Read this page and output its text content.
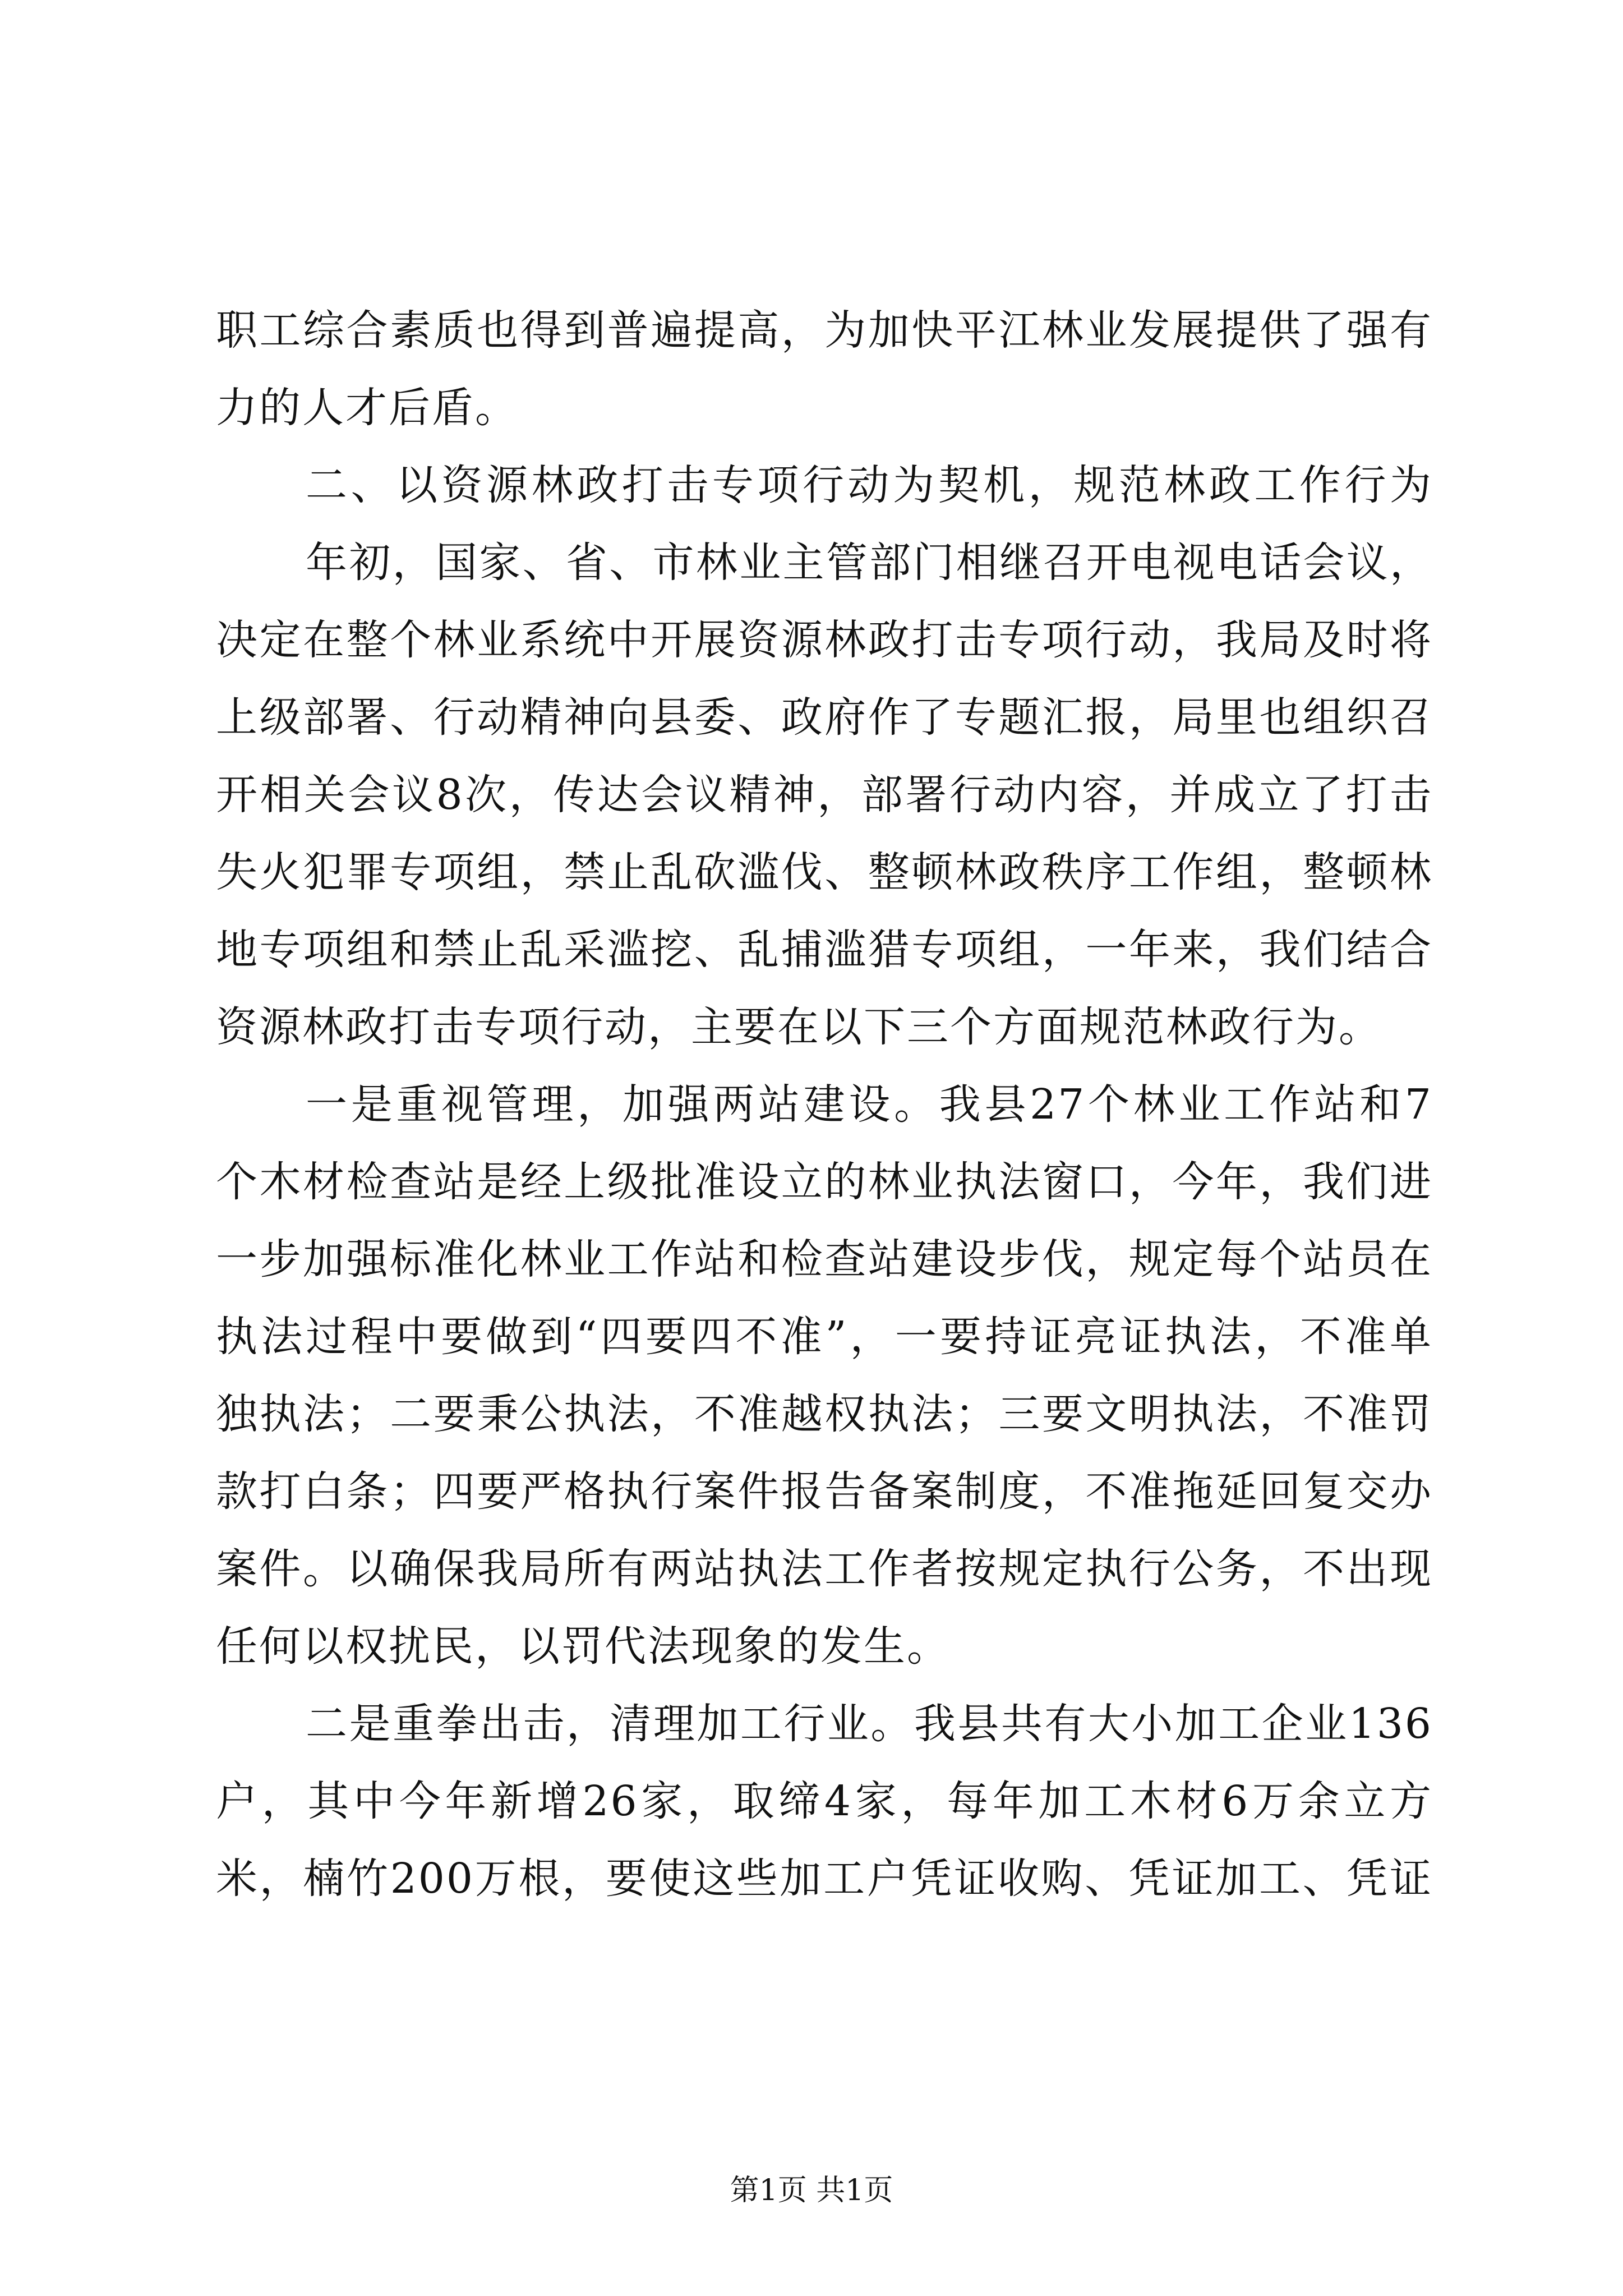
职工综合素质也得到普遍提高，为加快平江林业发展提供了强有
力的人才后盾。
二、以资源林政打击专项行动为契机，规范林政工作行为
年初，国家、省、市林业主管部门相继召开电视电话会议，
决定在整个林业系统中开展资源林政打击专项行动，我局及时将
上级部署、行动精神向县委、政府作了专题汇报，局里也组织召
开相关会议8次，传达会议精神，部署行动内容，并成立了打击
失火犯罪专项组，禁止乱砍滥伐、整顿林政秩序工作组，整顿林
地专项组和禁止乱采滥挖、乱捕滥猎专项组，一年来，我们结合
资源林政打击专项行动，主要在以下三个方面规范林政行为。
一是重视管理，加强两站建设。我县27个林业工作站和7
个木材检查站是经上级批准设立的林业执法窗口，今年，我们进
一步加强标准化林业工作站和检查站建设步伐，规定每个站员在
执法过程中要做到“四要四不准”，一要持证亮证执法，不准单
独执法；二要秉公执法，不准越权执法；三要文明执法，不准罚
款打白条；四要严格执行案件报告备案制度，不准拖延回复交办
案件。以确保我局所有两站执法工作者按规定执行公务，不出现
任何以权扰民，以罚代法现象的发生。
二是重拳出击，清理加工行业。我县共有大小加工企业136
户，其中今年新增26家，取缔4家，每年加工木材6万余立方
米，楠竹200万根，要使这些加工户凭证收购、凭证加工、凭证
第1页 共1页
